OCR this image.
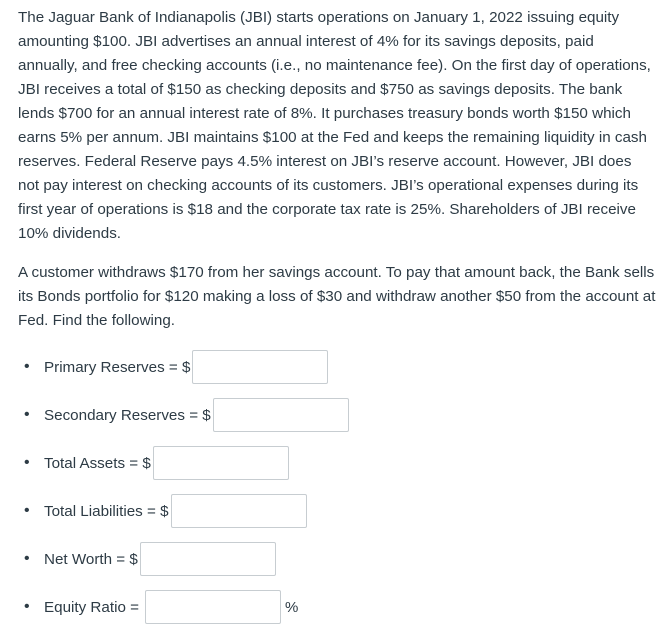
The Jaguar Bank of Indianapolis (JBI) starts operations on January 1, 2022 issuing equity amounting $100. JBI advertises an annual interest of 4% for its savings deposits, paid annually, and free checking accounts (i.e., no maintenance fee). On the first day of operations, JBI receives a total of $150 as checking deposits and $750 as savings deposits. The bank lends $700 for an annual interest rate of 8%. It purchases treasury bonds worth $150 which earns 5% per annum. JBI maintains $100 at the Fed and keeps the remaining liquidity in cash reserves. Federal Reserve pays 4.5% interest on JBI’s reserve account. However, JBI does not pay interest on checking accounts of its customers. JBI’s operational expenses during its first year of operations is $18 and the corporate tax rate is 25%. Shareholders of JBI receive 10% dividends.

A customer withdraws $170 from her savings account. To pay that amount back, the Bank sells its Bonds portfolio for $120 making a loss of $30 and withdraw another $50 from the account at Fed. Find the following.

• Primary Reserves = $
• Secondary Reserves = $
• Total Assets = $
• Total Liabilities = $
• Net Worth = $
• Equity Ratio =	%
